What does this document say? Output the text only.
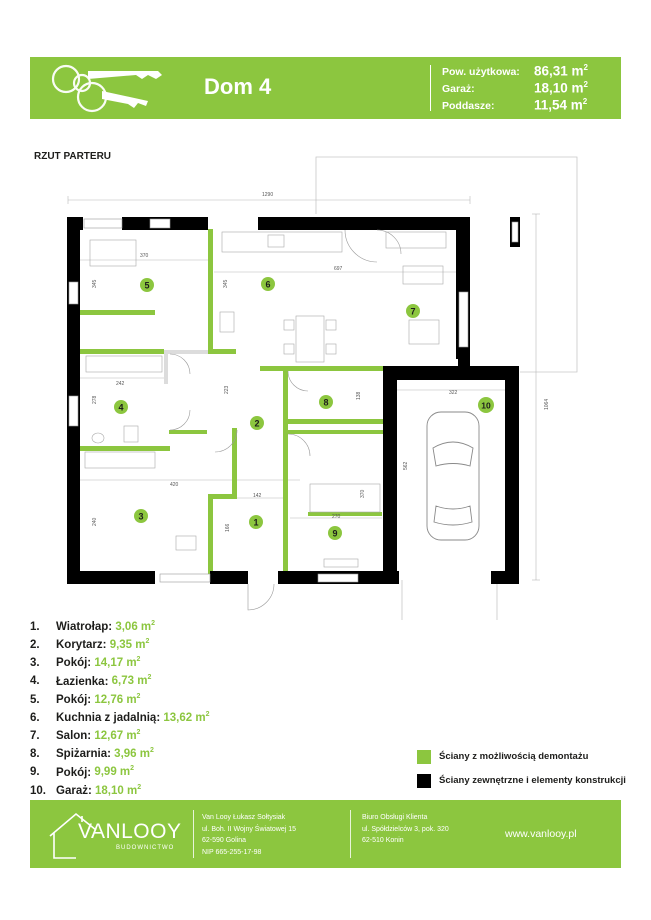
Dom 4
Pow. użytkowa: 86,31 $m^2$
Garaż:	18,10 $m^2$
Poddasze:	11,54 $m^2$
RZUT PARTERU
1290
1064
370
697
345	345
242
278
223
138	322
562
420
142
240
166
270
370
1
2
3
4
5	6
7
8
9
10
1. Wiatrołap: 3,06 $m^2$
2. Korytarz: 9,35 $m^2$
3. Pokój: 14,17 $m^2$
4. Łazienka: 6,73 $m^2$
5. Pokój: 12,76 $m^2$
6. Kuchnia z jadalnią: 13,62 $m^2$
7. Salon: 12,67 $m^2$
8. Spiżarnia: 3,96 $m^2$
9. Pokój: 9,99 $m^2$
10. Garaż: 18,10 $m^2$
Ściany z możliwością demontażu
Ściany zewnętrzne i elementy konstrukcji
VANLOOY
BUDOWNICTWO
Van Looy Łukasz Sołtysiak
ul. Boh. II Wojny Światowej 15
62-590 Golina
NIP 665-255-17-98
Biuro Obsługi Klienta
ul. Spółdzielców 3, pok. 320
62-510 Konin
www.vanlooy.pl
